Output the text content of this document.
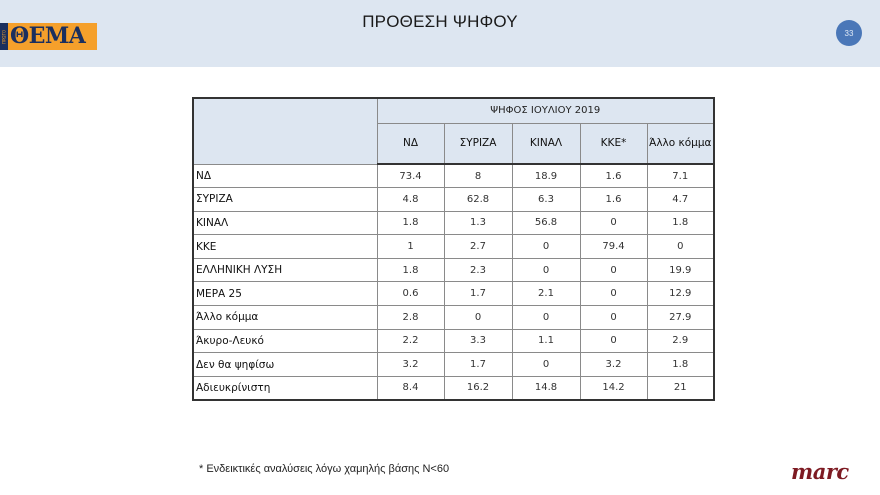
ΠΡΩΤΟ ΘΕΜΑ
ΠΡΟΘΕΣΗ ΨΗΦΟΥ
33
	ΨΗΦΟΣ ΙΟΥΛΙΟΥ 2019				
	ΝΔ	ΣΥΡΙΖΑ	ΚΙΝΑΛ	ΚΚΕ*	Άλλο κόμμα
ΝΔ	73.4	8	18.9	1.6	7.1
ΣΥΡΙΖΑ	4.8	62.8	6.3	1.6	4.7
ΚΙΝΑΛ	1.8	1.3	56.8	0	1.8
ΚΚΕ	1	2.7	0	79.4	0
ΕΛΛΗΝΙΚΗ ΛΥΣΗ	1.8	2.3	0	0	19.9
ΜΕΡΑ 25	0.6	1.7	2.1	0	12.9
Άλλο κόμμα	2.8	0	0	0	27.9
Άκυρο-Λευκό	2.2	3.3	1.1	0	2.9
Δεν θα ψηφίσω	3.2	1.7	0	3.2	1.8
Αδιευκρίνιστη	8.4	16.2	14.8	14.2	21
* Ενδεικτικές αναλύσεις λόγω χαμηλής βάσης Ν<60	marc
